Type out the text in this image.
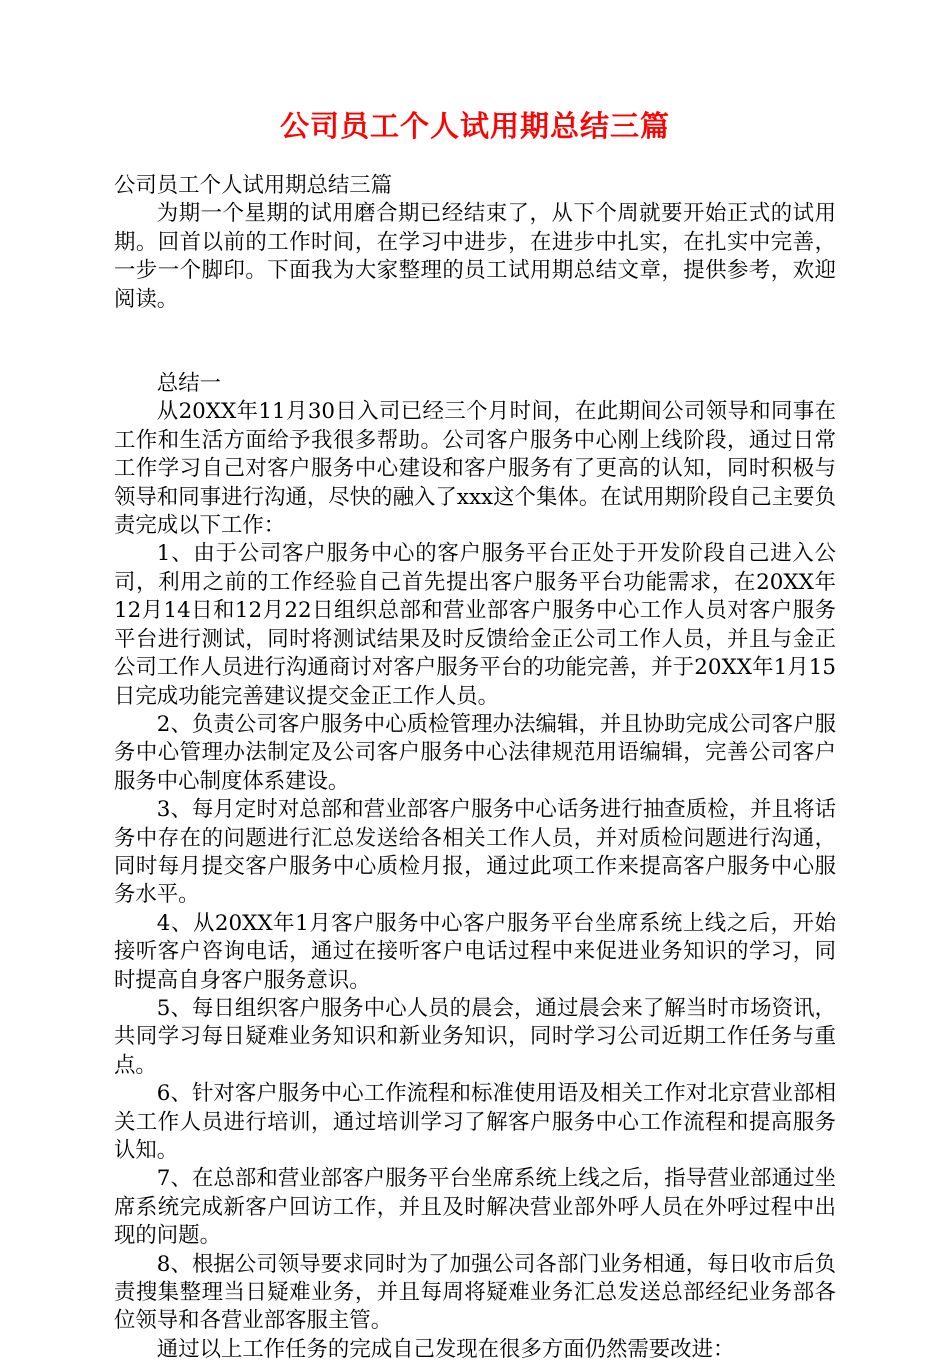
公司员工个人试用期总结三篇

公司员工个人试用期总结三篇

为期一个星期的试用磨合期已经结束了，从下个周就要开始正式的试用期。回首以前的工作时间，在学习中进步，在进步中扎实，在扎实中完善，一步一个脚印。下面我为大家整理的员工试用期总结文章，提供参考，欢迎阅读。

总结一

从20XX年11月30日入司已经三个月时间，在此期间公司领导和同事在工作和生活方面给予我很多帮助。公司客户服务中心刚上线阶段，通过日常工作学习自己对客户服务中心建设和客户服务有了更高的认知，同时积极与领导和同事进行沟通，尽快的融入了xxx这个集体。在试用期阶段自己主要负责完成以下工作：

1、由于公司客户服务中心的客户服务平台正处于开发阶段自己进入公司，利用之前的工作经验自己首先提出客户服务平台功能需求，在20XX年12月14日和12月22日组织总部和营业部客户服务中心工作人员对客户服务平台进行测试，同时将测试结果及时反馈给金正公司工作人员，并且与金正公司工作人员进行沟通商讨对客户服务平台的功能完善，并于20XX年1月15日完成功能完善建议提交金正工作人员。

2、负责公司客户服务中心质检管理办法编辑，并且协助完成公司客户服务中心管理办法制定及公司客户服务中心法律规范用语编辑，完善公司客户服务中心制度体系建设。

3、每月定时对总部和营业部客户服务中心话务进行抽查质检，并且将话务中存在的问题进行汇总发送给各相关工作人员，并对质检问题进行沟通，同时每月提交客户服务中心质检月报，通过此项工作来提高客户服务中心服务水平。

4、从20XX年1月客户服务中心客户服务平台坐席系统上线之后，开始接听客户咨询电话，通过在接听客户电话过程中来促进业务知识的学习，同时提高自身客户服务意识。

5、每日组织客户服务中心人员的晨会，通过晨会来了解当时市场资讯，共同学习每日疑难业务知识和新业务知识，同时学习公司近期工作任务与重点。

6、针对客户服务中心工作流程和标准使用语及相关工作对北京营业部相关工作人员进行培训，通过培训学习了解客户服务中心工作流程和提高服务认知。

7、在总部和营业部客户服务平台坐席系统上线之后，指导营业部通过坐席系统完成新客户回访工作，并且及时解决营业部外呼人员在外呼过程中出现的问题。

8、根据公司领导要求同时为了加强公司各部门业务相通，每日收市后负责搜集整理当日疑难业务，并且每周将疑难业务汇总发送总部经纪业务部各位领导和各营业部客服主管。

通过以上工作任务的完成自己发现在很多方面仍然需要改进：
